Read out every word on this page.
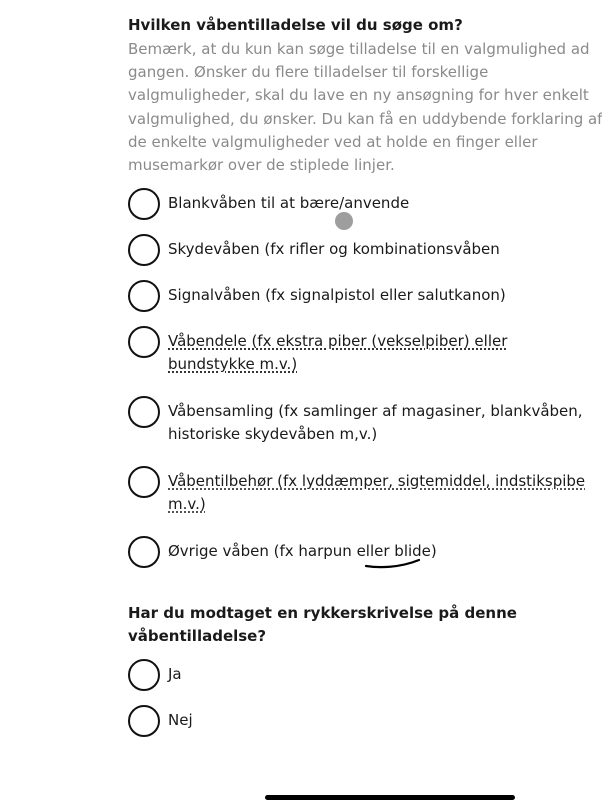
Hvilken våbentilladelse vil du søge om?
Bemærk, at du kun kan søge tilladelse til en valgmulighed ad
gangen. Ønsker du flere tilladelser til forskellige
valgmuligheder, skal du lave en ny ansøgning for hver enkelt
valgmulighed, du ønsker. Du kan få en uddybende forklaring af
de enkelte valgmuligheder ved at holde en finger eller
musemarkør over de stiplede linjer.

Blankvåben til at bære/anvende

Skydevåben (fx rifler og kombinationsvåben

Signalvåben (fx signalpistol eller salutkanon)

Våbendele (fx ekstra piber (vekselpiber) eller
bundstykke m.v.)

Våbensamling (fx samlinger af magasiner, blankvåben,
historiske skydevåben m,v.)

Våbentilbehør (fx lyddæmper, sigtemiddel, indstikspibe
m.v.)

Øvrige våben (fx harpun eller blide)

Har du modtaget en rykkerskrivelse på denne
våbentilladelse?

Ja

Nej
